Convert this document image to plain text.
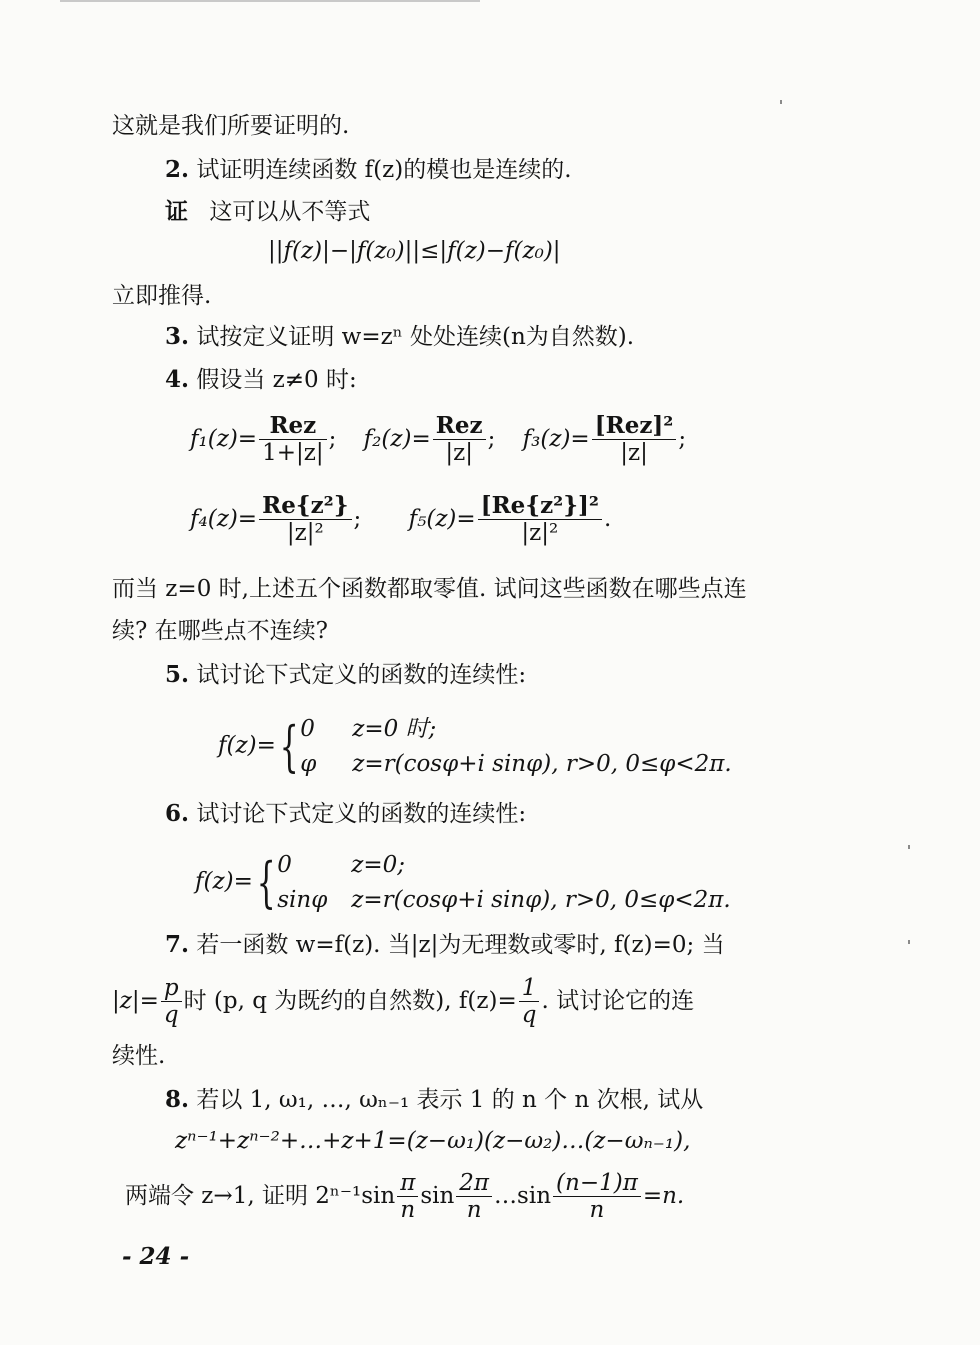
这就是我们所要证明的.
2. 试证明连续函数 f(z)的模也是连续的.
证 这可以从不等式
||f(z)|−|f(z₀)||≤|f(z)−f(z₀)|
立即推得.
3. 试按定义证明 w=zⁿ 处处连续(n为自然数).
4. 假设当 z≠0 时:
$f_1(z)= \frac{\text{Rez}}{1+|z|}$ ; $f_2(z)= \frac{\text{Rez}}{|z|}$ ; $f_3(z)= \frac{\text{[Rez]²}}{|z|}$ ;
$f_4(z)= \frac{\text{Re\{z²\}}}{\text{|z|²}}$ ; $f_5(z)= \frac{\text{[Re\{z²\}]²}}{\text{|z|²}}$ .
而当 z=0 时,上述五个函数都取零值. 试问这些函数在哪些点连
续? 在哪些点不连续?
5. 试讨论下式定义的函数的连续性:
f(z)={ 0 z=0 时;
φ z=r(cosφ+i sinφ), r>0, 0≤φ<2π.
6. 试讨论下式定义的函数的连续性:
f(z)={ 0	z=0;
sinφ z=r(cosφ+i sinφ), r>0, 0≤φ<2π.
7. 若一函数 w=f(z). 当|z|为无理数或零时, f(z)=0; 当
$|z|= \frac{p}{q}$ 时 (p, q 为既约的自然数), $f(z)= \frac{1}{q}$ . 试讨论它的连
续性.
8. 若以 1, ω₁, …, ωₙ₋₁ 表示 1 的 n 个 n 次根, 试从
zⁿ⁻¹+zⁿ⁻²+…+z+1=(z−ω₁)(z−ω₂)…(z−ωₙ₋₁),
两端令 z→1, 证明 $2^{n-1}\sin \frac{\pi}{n}$ $\sin \frac{2\pi}{n}$ …sin $\frac{(n-1)\pi}{n} =n$.
- 24 -
